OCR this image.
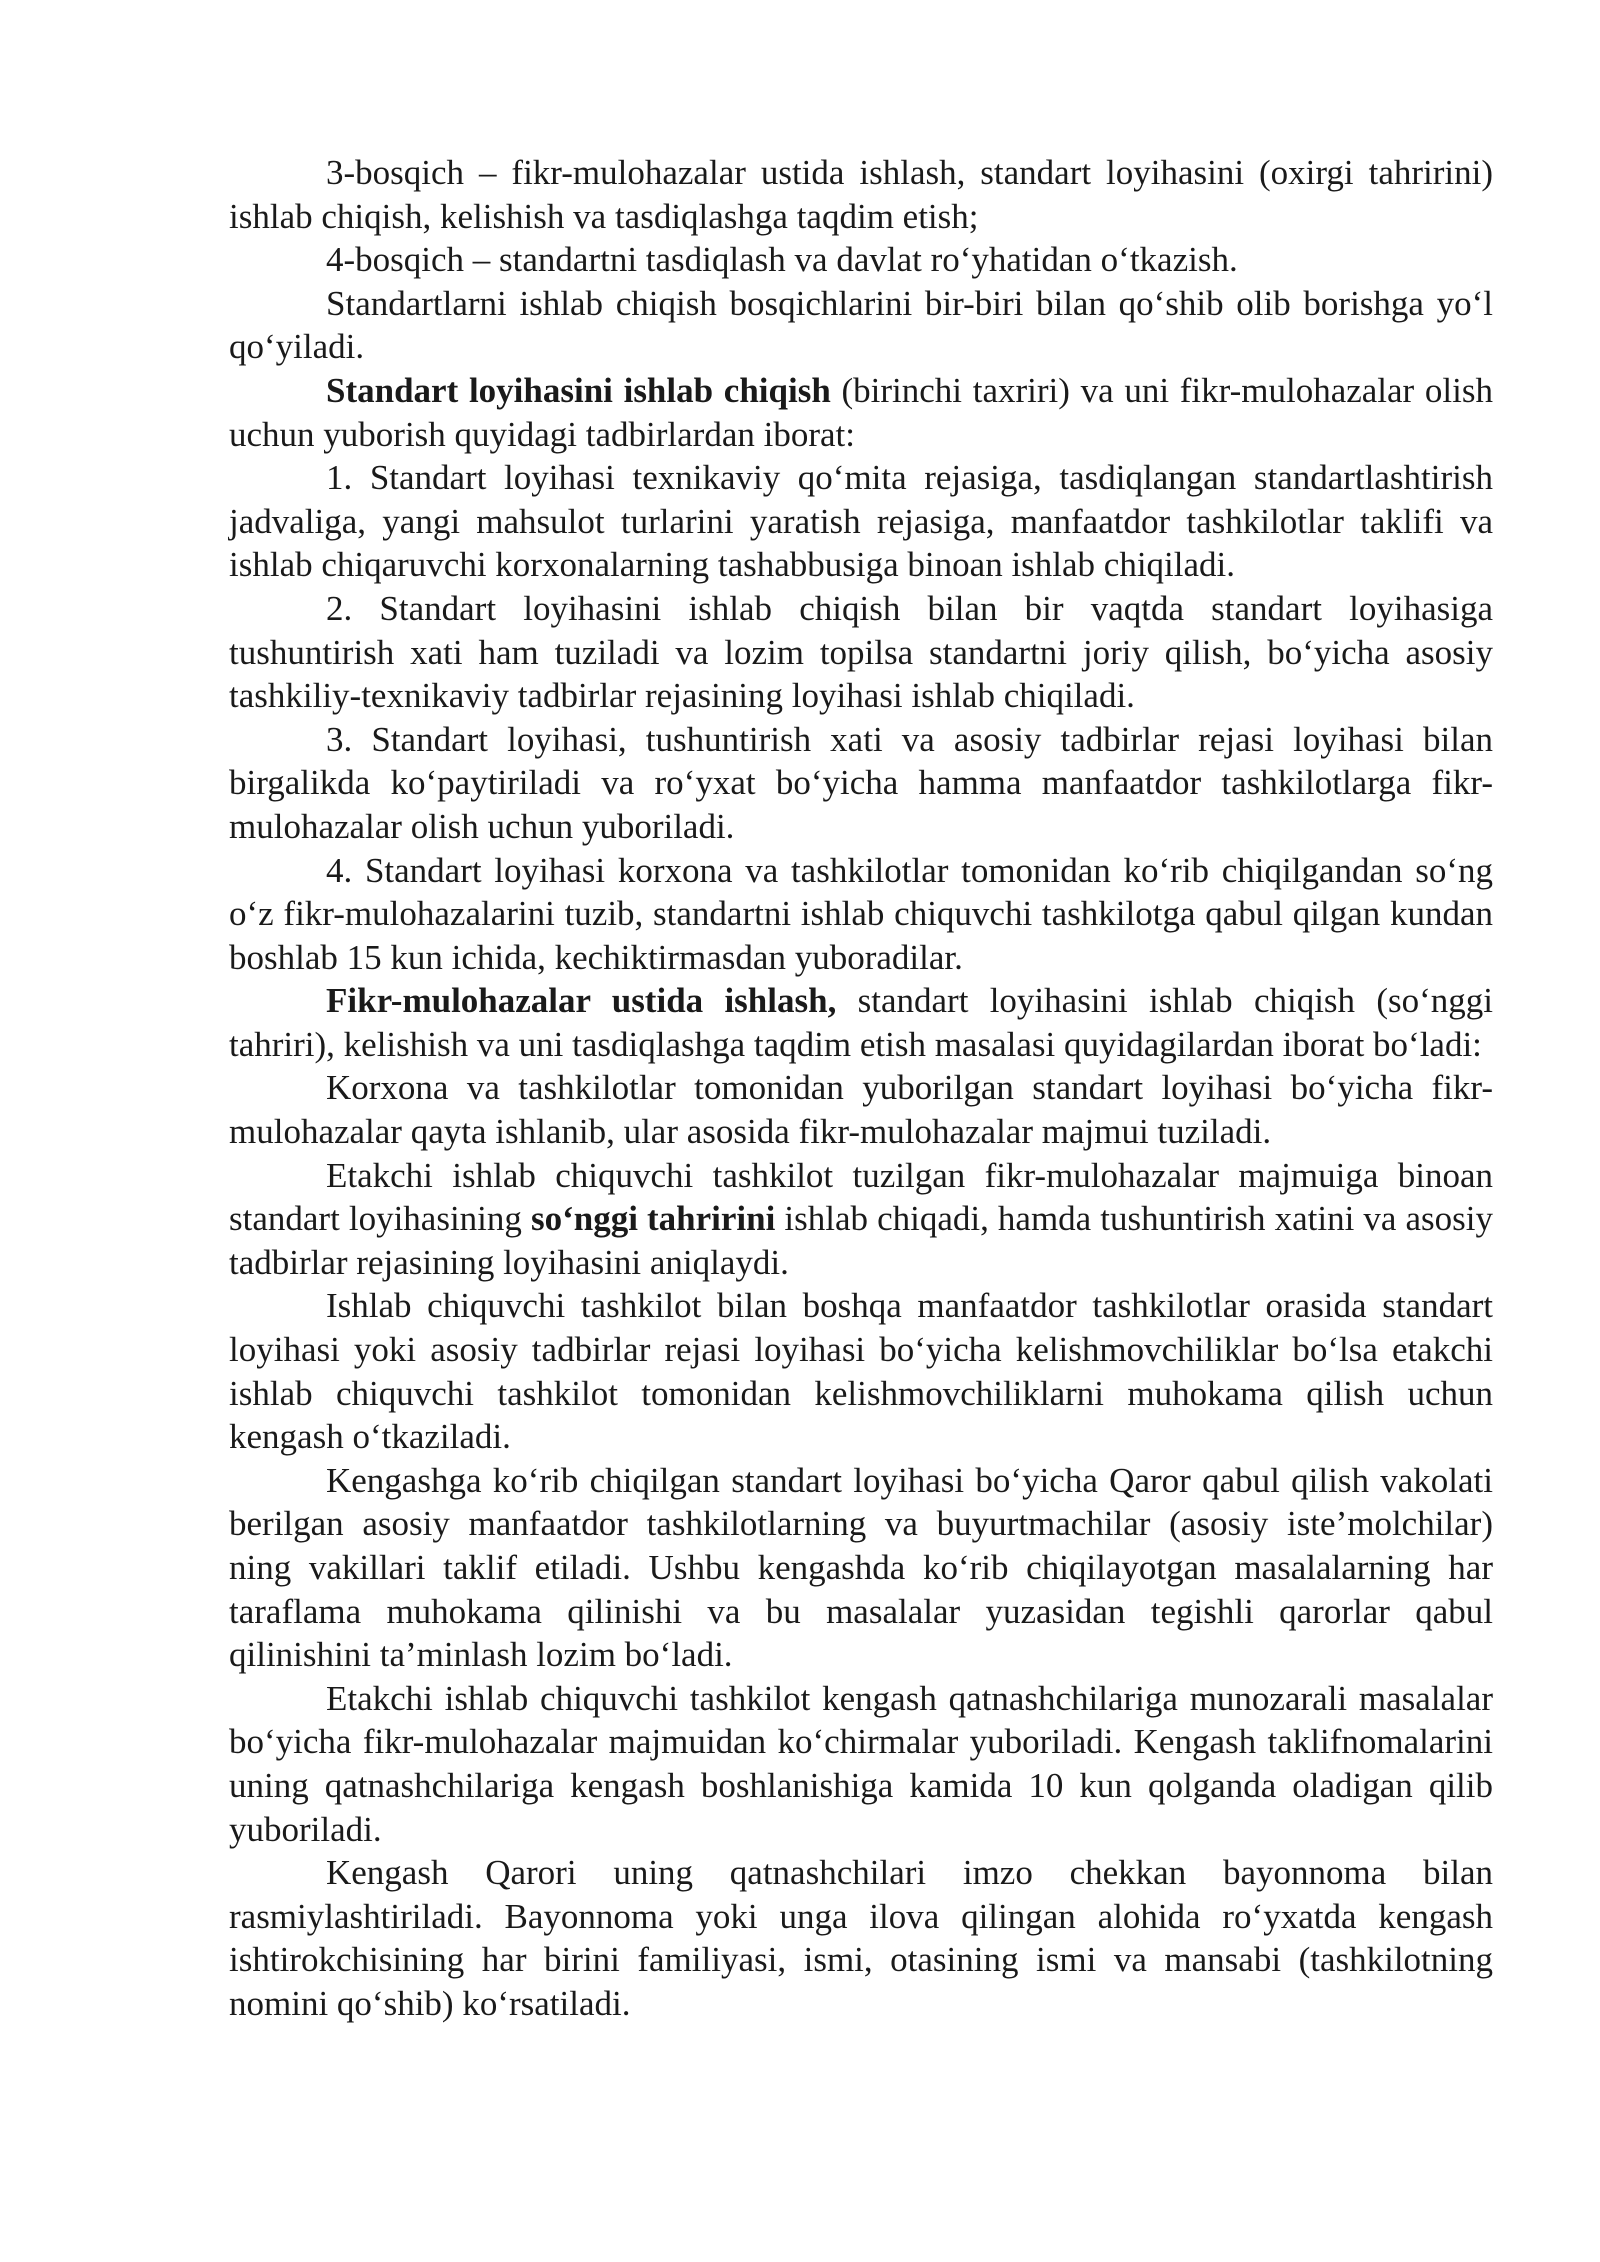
3-bosqich – fikr-mulohazalar ustida ishlash, standart loyihasini (oxirgi tahririni) ishlab chiqish, kelishish va tasdiqlashga taqdim etish;

4-bosqich – standartni tasdiqlash va davlat ro‘yhatidan o‘tkazish.

Standartlarni ishlab chiqish bosqichlarini bir-biri bilan qo‘shib olib borishga yo‘l qo‘yiladi.

Standart loyihasini ishlab chiqish (birinchi taxriri) va uni fikr-mulohazalar olish uchun yuborish quyidagi tadbirlardan iborat:

1. Standart loyihasi texnikaviy qo‘mita rejasiga, tasdiqlangan standartlashtirish jadvaliga, yangi mahsulot turlarini yaratish rejasiga, manfaatdor tashkilotlar taklifi va ishlab chiqaruvchi korxonalarning tashabbusiga binoan ishlab chiqiladi.

2. Standart loyihasini ishlab chiqish bilan bir vaqtda standart loyihasiga tushuntirish xati ham tuziladi va lozim topilsa standartni joriy qilish, bo‘yicha asosiy tashkiliy-texnikaviy tadbirlar rejasining loyihasi ishlab chiqiladi.

3. Standart loyihasi, tushuntirish xati va asosiy tadbirlar rejasi loyihasi bilan birgalikda ko‘paytiriladi va ro‘yxat bo‘yicha hamma manfaatdor tashkilotlarga fikr-mulohazalar olish uchun yuboriladi.

4. Standart loyihasi korxona va tashkilotlar tomonidan ko‘rib chiqilgandan so‘ng o‘z fikr-mulohazalarini tuzib, standartni ishlab chiquvchi tashkilotga qabul qilgan kundan boshlab 15 kun ichida, kechiktirmasdan yuboradilar.

Fikr-mulohazalar ustida ishlash, standart loyihasini ishlab chiqish (so‘nggi tahriri), kelishish va uni tasdiqlashga taqdim etish masalasi quyidagilardan iborat bo‘ladi:

Korxona va tashkilotlar tomonidan yuborilgan standart loyihasi bo‘yicha fikr-mulohazalar qayta ishlanib, ular asosida fikr-mulohazalar majmui tuziladi.

Etakchi ishlab chiquvchi tashkilot tuzilgan fikr-mulohazalar majmuiga binoan standart loyihasining so‘nggi tahririni ishlab chiqadi, hamda tushuntirish xatini va asosiy tadbirlar rejasining loyihasini aniqlaydi.

Ishlab chiquvchi tashkilot bilan boshqa manfaatdor tashkilotlar orasida standart loyihasi yoki asosiy tadbirlar rejasi loyihasi bo‘yicha kelishmovchiliklar bo‘lsa etakchi ishlab chiquvchi tashkilot tomonidan kelishmovchiliklarni muhokama qilish uchun kengash o‘tkaziladi.

Kengashga ko‘rib chiqilgan standart loyihasi bo‘yicha Qaror qabul qilish vakolati berilgan asosiy manfaatdor tashkilotlarning va buyurtmachilar (asosiy iste’molchilar) ning vakillari taklif etiladi. Ushbu kengashda ko‘rib chiqilayotgan masalalarning har taraflama muhokama qilinishi va bu masalalar yuzasidan tegishli qarorlar qabul qilinishini ta’minlash lozim bo‘ladi.

Etakchi ishlab chiquvchi tashkilot kengash qatnashchilariga munozarali masalalar bo‘yicha fikr-mulohazalar majmuidan ko‘chirmalar yuboriladi. Kengash taklifnomalarini uning qatnashchilariga kengash boshlanishiga kamida 10 kun qolganda oladigan qilib yuboriladi.

Kengash Qarori uning qatnashchilari imzo chekkan bayonnoma bilan rasmiylashtiriladi. Bayonnoma yoki unga ilova qilingan alohida ro‘yxatda kengash ishtirokchisining har birini familiyasi, ismi, otasining ismi va mansabi (tashkilotning nomini qo‘shib) ko‘rsatiladi.
